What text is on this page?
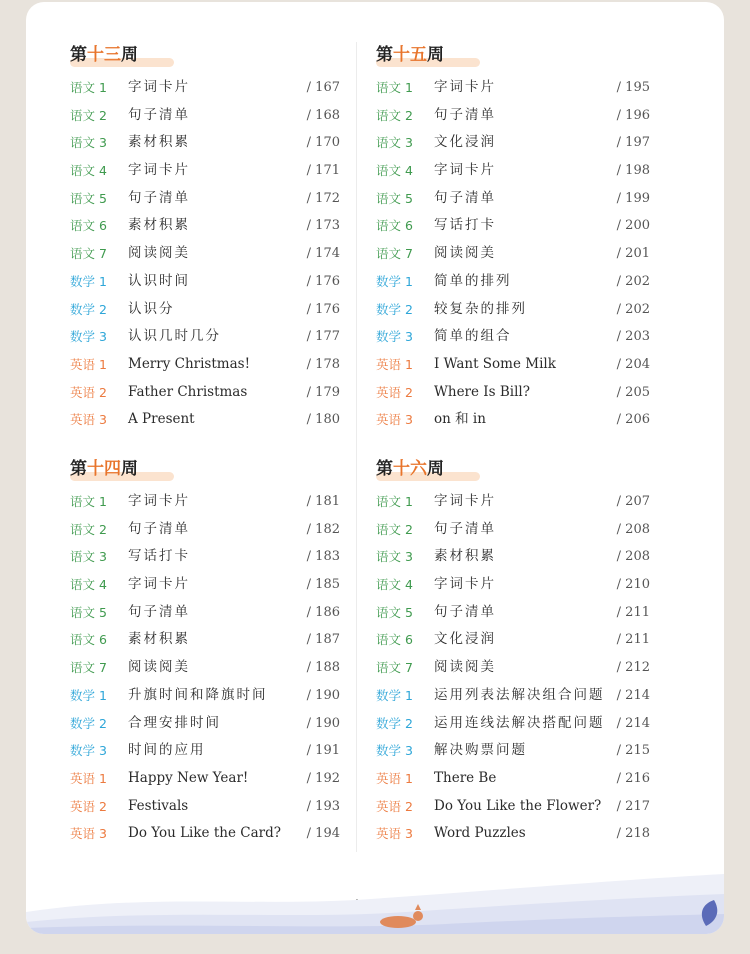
第十三周
语文 1	字词卡片	/ 167
语文 2	句子清单	/ 168
语文 3	素材积累	/ 170
语文 4	字词卡片	/ 171
语文 5	句子清单	/ 172
语文 6	素材积累	/ 173
语文 7	阅读阅美	/ 174
数学 1	认识时间	/ 176
数学 2	认识分	/ 176
数学 3	认识几时几分	/ 177
英语 1	Merry Christmas!	/ 178
英语 2	Father Christmas	/ 179
英语 3	A Present	/ 180
第十四周
语文 1	字词卡片	/ 181
语文 2	句子清单	/ 182
语文 3	写话打卡	/ 183
语文 4	字词卡片	/ 185
语文 5	句子清单	/ 186
语文 6	素材积累	/ 187
语文 7	阅读阅美	/ 188
数学 1	升旗时间和降旗时间	/ 190
数学 2	合理安排时间	/ 190
数学 3	时间的应用	/ 191
英语 1	Happy New Year!	/ 192
英语 2	Festivals	/ 193
英语 3	Do You Like the Card?	/ 194
第十五周
语文 1	字词卡片	/ 195
语文 2	句子清单	/ 196
语文 3	文化浸润	/ 197
语文 4	字词卡片	/ 198
语文 5	句子清单	/ 199
语文 6	写话打卡	/ 200
语文 7	阅读阅美	/ 201
数学 1	简单的排列	/ 202
数学 2	较复杂的排列	/ 202
数学 3	简单的组合	/ 203
英语 1	I Want Some Milk	/ 204
英语 2	Where Is Bill?	/ 205
英语 3	on 和 in	/ 206
第十六周
语文 1	字词卡片	/ 207
语文 2	句子清单	/ 208
语文 3	素材积累	/ 208
语文 4	字词卡片	/ 210
语文 5	句子清单	/ 211
语文 6	文化浸润	/ 211
语文 7	阅读阅美	/ 212
数学 1	运用列表法解决组合问题 / 214
数学 2	运用连线法解决搭配问题 / 214
数学 3	解决购票问题	/ 215
英语 1	There Be	/ 216
英语 2	Do You Like the Flower?	/ 217
英语 3	Word Puzzles	/ 218
